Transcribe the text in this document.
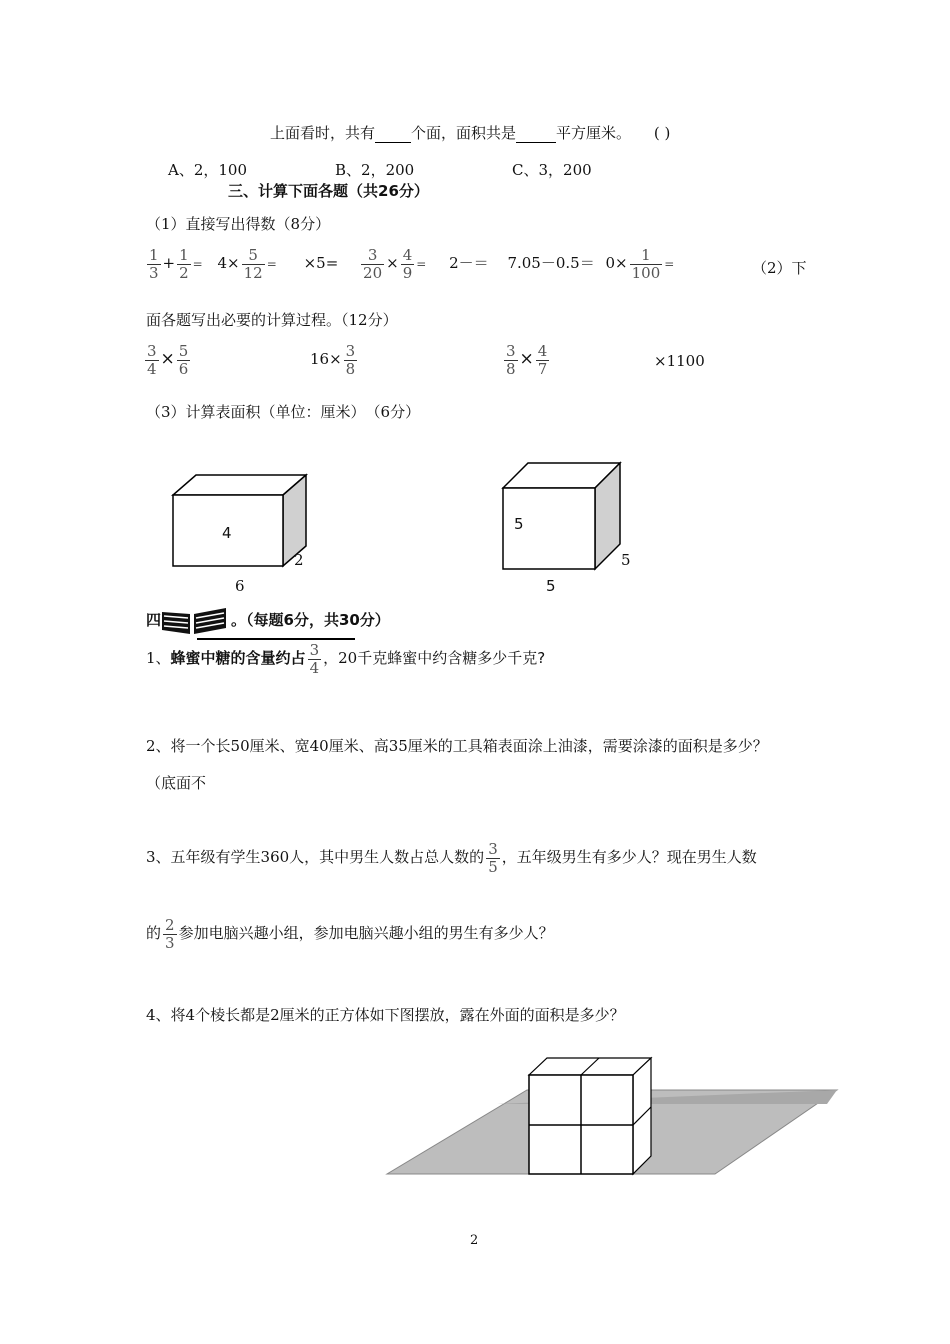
上面看时，共有 个面，面积共是	平方厘米。 ( )
A、2，100	B、2，200	C、3，200
三、计算下面各题（共26分）
（1）直接写出得数（8分）
$\frac{1}{3} + \frac{1}{2} = 4\times \frac{5}{12} = \times 5= \frac{3}{20} \times \frac{4}{9} = 2-= 7.05-0.5= 0\times \frac{1}{100}$ =	（2）下
面各题写出必要的计算过程。（12分）
$\frac{3}{4} \times \frac{5}{6}$	$16\times \frac{3}{8}$	$\frac{3}{8} \times \frac{4}{7}$	×1100
（3）计算表面积（单位：厘米）　（6分）
4
2
6
5
5
5
四	。（每题6分，共30分）
1、蜂蜜中糖的含量约占 $\frac{3}{4}$ ，20千克蜂蜜中约含糖多少千克?
2、将一个长50厘米、宽40厘米、高35厘米的工具箱表面涂上油漆，需要涂漆的面积是多少？
（底面不
3、五年级有学生360人，其中男生人数占总人数的 $\frac{3}{5}$ ，五年级男生有多少人？现在男生人数
的 $\frac{2}{3}$ 参加电脑兴趣小组，参加电脑兴趣小组的男生有多少人？
4、将4个棱长都是2厘米的正方体如下图摆放，露在外面的面积是多少？
2
